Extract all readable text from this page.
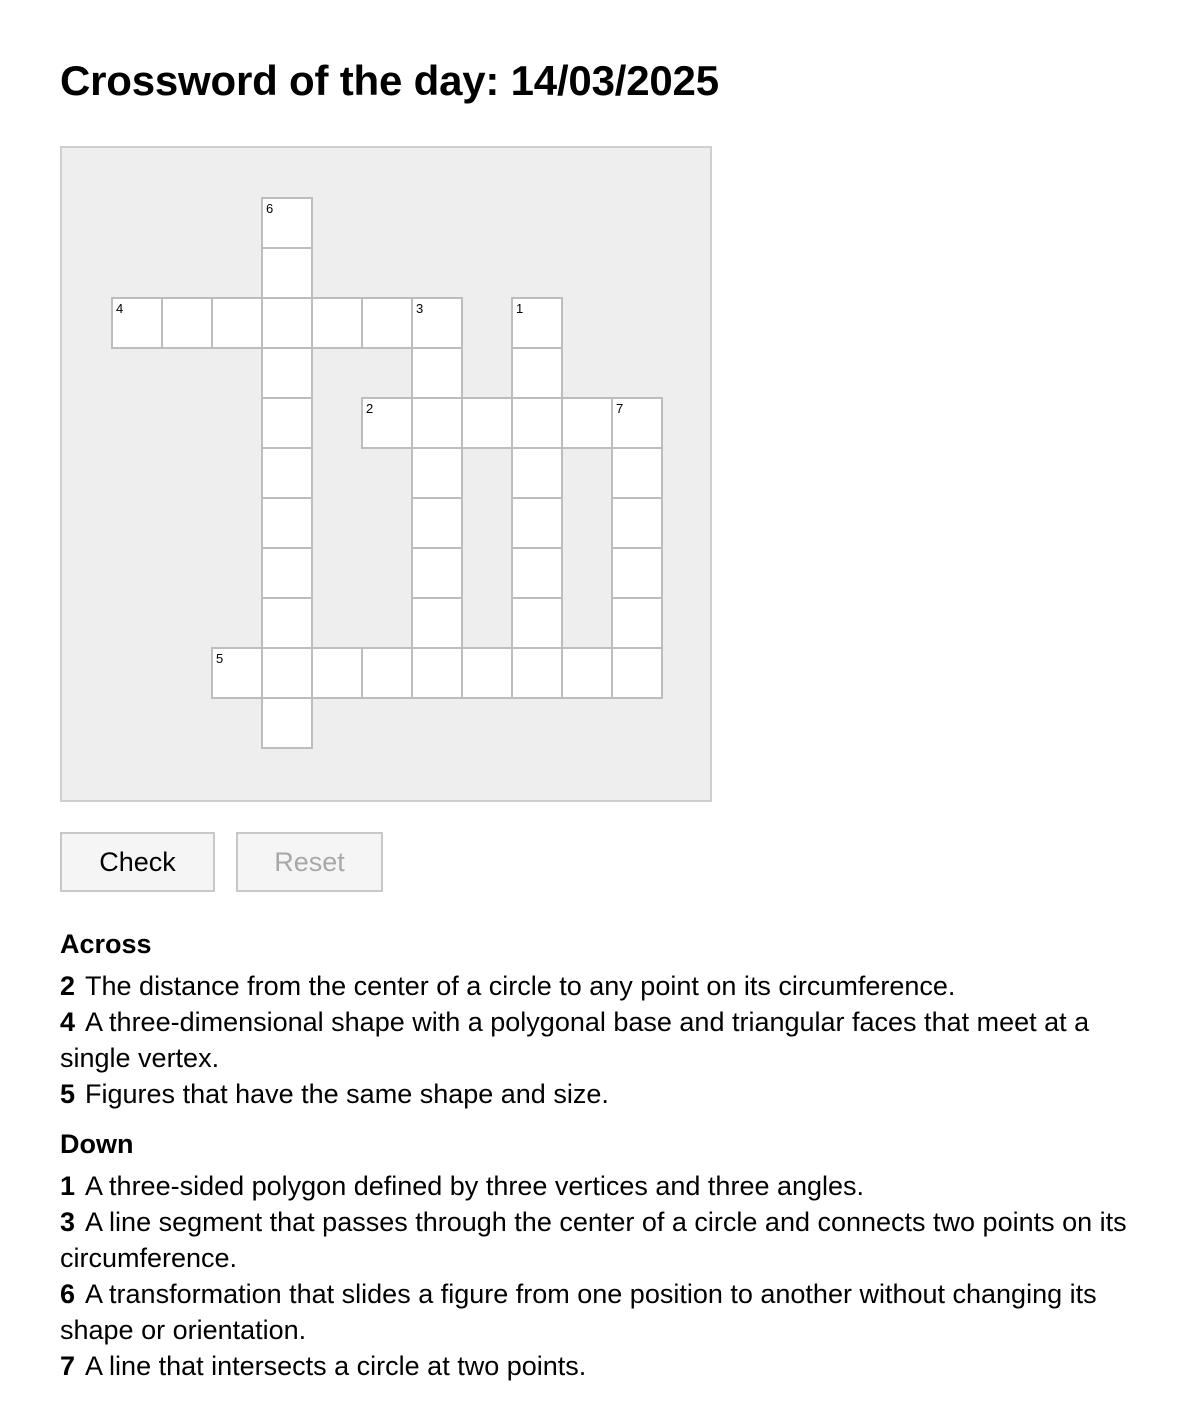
Crossword of the day: 14/03/2025
6
4	3	1
2	7
5
Check	Reset
Across
2 The distance from the center of a circle to any point on its circumference.
4 A three-dimensional shape with a polygonal base and triangular faces that meet at a single vertex.
5 Figures that have the same shape and size.
Down
1 A three-sided polygon defined by three vertices and three angles.
3 A line segment that passes through the center of a circle and connects two points on its circumference.
6 A transformation that slides a figure from one position to another without changing its shape or orientation.
7 A line that intersects a circle at two points.
